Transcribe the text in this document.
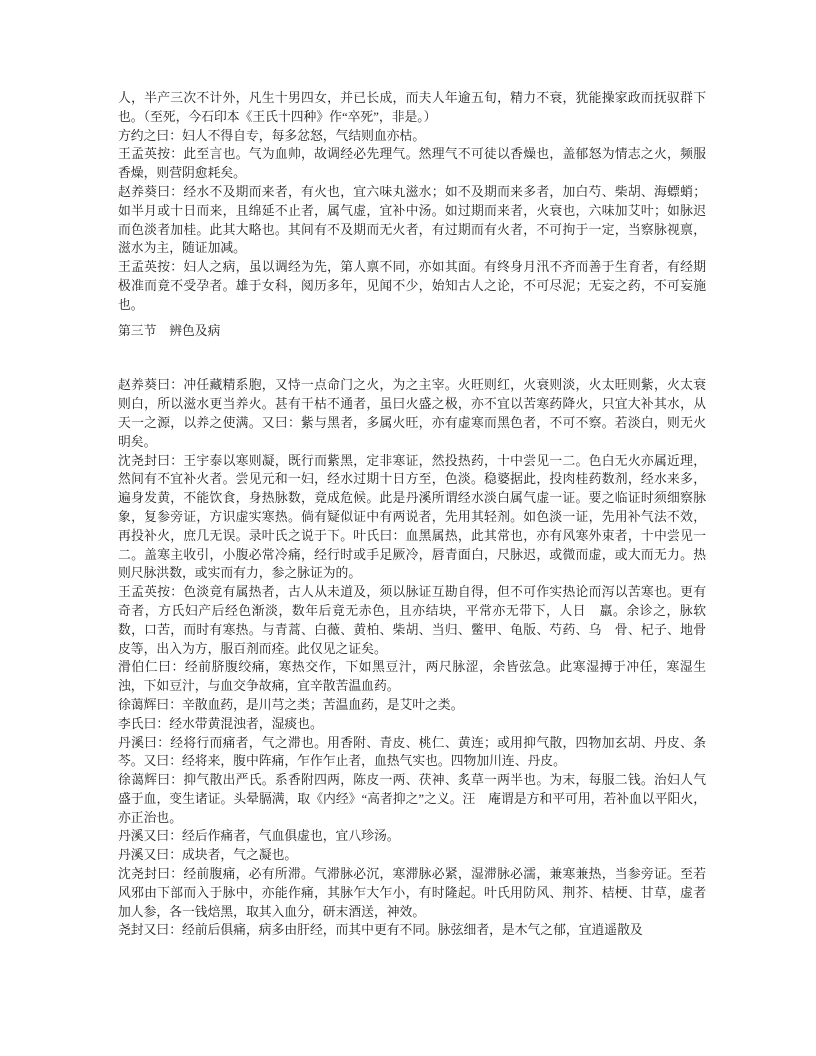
人，半产三次不计外，凡生十男四女，并已长成，而夫人年逾五旬，精力不衰，犹能操家政而抚驭群下也。（至死，今石印本《王氏十四种》作“卒死”，非是。）

方约之曰：妇人不得自专，每多忿怒，气结则血亦枯。

王孟英按：此至言也。气为血帅，故调经必先理气。然理气不可徒以香燥也，盖郁怒为情志之火，频服香燥，则营阴愈耗矣。

赵养葵曰：经水不及期而来者，有火也，宜六味丸滋水；如不及期而来多者，加白芍、柴胡、海螵蛸；如半月或十日而来，且绵延不止者，属气虚，宜补中汤。如过期而来者，火衰也，六味加艾叶；如脉迟而色淡者加桂。此其大略也。其间有不及期而无火者，有过期而有火者，不可拘于一定，当察脉视禀，滋水为主，随证加减。

王孟英按：妇人之病，虽以调经为先，第人禀不同，亦如其面。有终身月汛不齐而善于生育者，有经期极准而竟不受孕者。雄于女科，阅历多年，见闻不少，始知古人之论，不可尽泥；无妄之药，不可妄施也。

第三节　辨色及病

赵养葵曰：冲任藏精系胞，又恃一点命门之火，为之主宰。火旺则红，火衰则淡，火太旺则紫，火太衰则白，所以滋水更当养火。甚有干枯不通者，虽曰火盛之极，亦不宜以苦寒药降火，只宜大补其水，从天一之源，以养之使满。又曰：紫与黑者，多属火旺，亦有虚寒而黑色者，不可不察。若淡白，则无火明矣。

沈尧封曰：王宇泰以寒则凝，既行而紫黑，定非寒证，然投热药，十中尝见一二。色白无火亦属近理，然间有不宜补火者。尝见元和一妇，经水过期十日方至，色淡。稳婆据此，投肉桂药数剂，经水来多，遍身发黄，不能饮食，身热脉数，竟成危候。此是丹溪所谓经水淡白属气虚一证。要之临证时须细察脉象，复参旁证，方识虚实寒热。倘有疑似证中有两说者，先用其轻剂。如色淡一证，先用补气法不效，再投补火，庶几无误。录叶氏之说于下。叶氏曰：血黑属热，此其常也，亦有风寒外束者，十中尝见一二。盖寒主收引，小腹必常冷痛，经行时或手足厥冷，唇青面白，尺脉迟，或微而虚，或大而无力。热则尺脉洪数，或实而有力，参之脉证为的。

王孟英按：色淡竟有属热者，古人从未道及，须以脉证互勘自得，但不可作实热论而泻以苦寒也。更有奇者，方氏妇产后经色渐淡，数年后竟无赤色，且亦结块，平常亦无带下，人日　羸。余诊之，脉软数，口苦，而时有寒热。与青蒿、白薇、黄柏、柴胡、当归、鳖甲、龟版、芍药、乌　骨、杞子、地骨皮等，出入为方，服百剂而痊。此仅见之证矣。

滑伯仁曰：经前脐腹绞痛，寒热交作，下如黑豆汁，两尺脉涩，余皆弦急。此寒湿搏于冲任，寒湿生浊，下如豆汁，与血交争故痛，宜辛散苦温血药。

徐蔼辉曰：辛散血药，是川芎之类；苦温血药，是艾叶之类。

李氏曰：经水带黄混浊者，湿痰也。

丹溪曰：经将行而痛者，气之滞也。用香附、青皮、桃仁、黄连；或用抑气散，四物加玄胡、丹皮、条芩。又曰：经将来，腹中阵痛，乍作乍止者，血热气实也。四物加川连、丹皮。

徐蔼辉曰：抑气散出严氏。系香附四两，陈皮一两、茯神、炙草一两半也。为末，每服二钱。治妇人气盛于血，变生诸证。头晕膈满，取《内经》“高者抑之”之义。汪　庵谓是方和平可用，若补血以平阳火，亦正治也。

丹溪又曰：经后作痛者，气血俱虚也，宜八珍汤。

丹溪又曰：成块者，气之凝也。

沈尧封曰：经前腹痛，必有所滞。气滞脉必沉，寒滞脉必紧，湿滞脉必濡，兼寒兼热，当参旁证。至若风邪由下部而入于脉中，亦能作痛，其脉乍大乍小，有时隆起。叶氏用防风、荆芥、桔梗、甘草，虚者加人参，各一钱焙黑，取其入血分，研末酒送，神效。

尧封又曰：经前后俱痛，病多由肝经，而其中更有不同。脉弦细者，是木气之郁，宜逍遥散及
